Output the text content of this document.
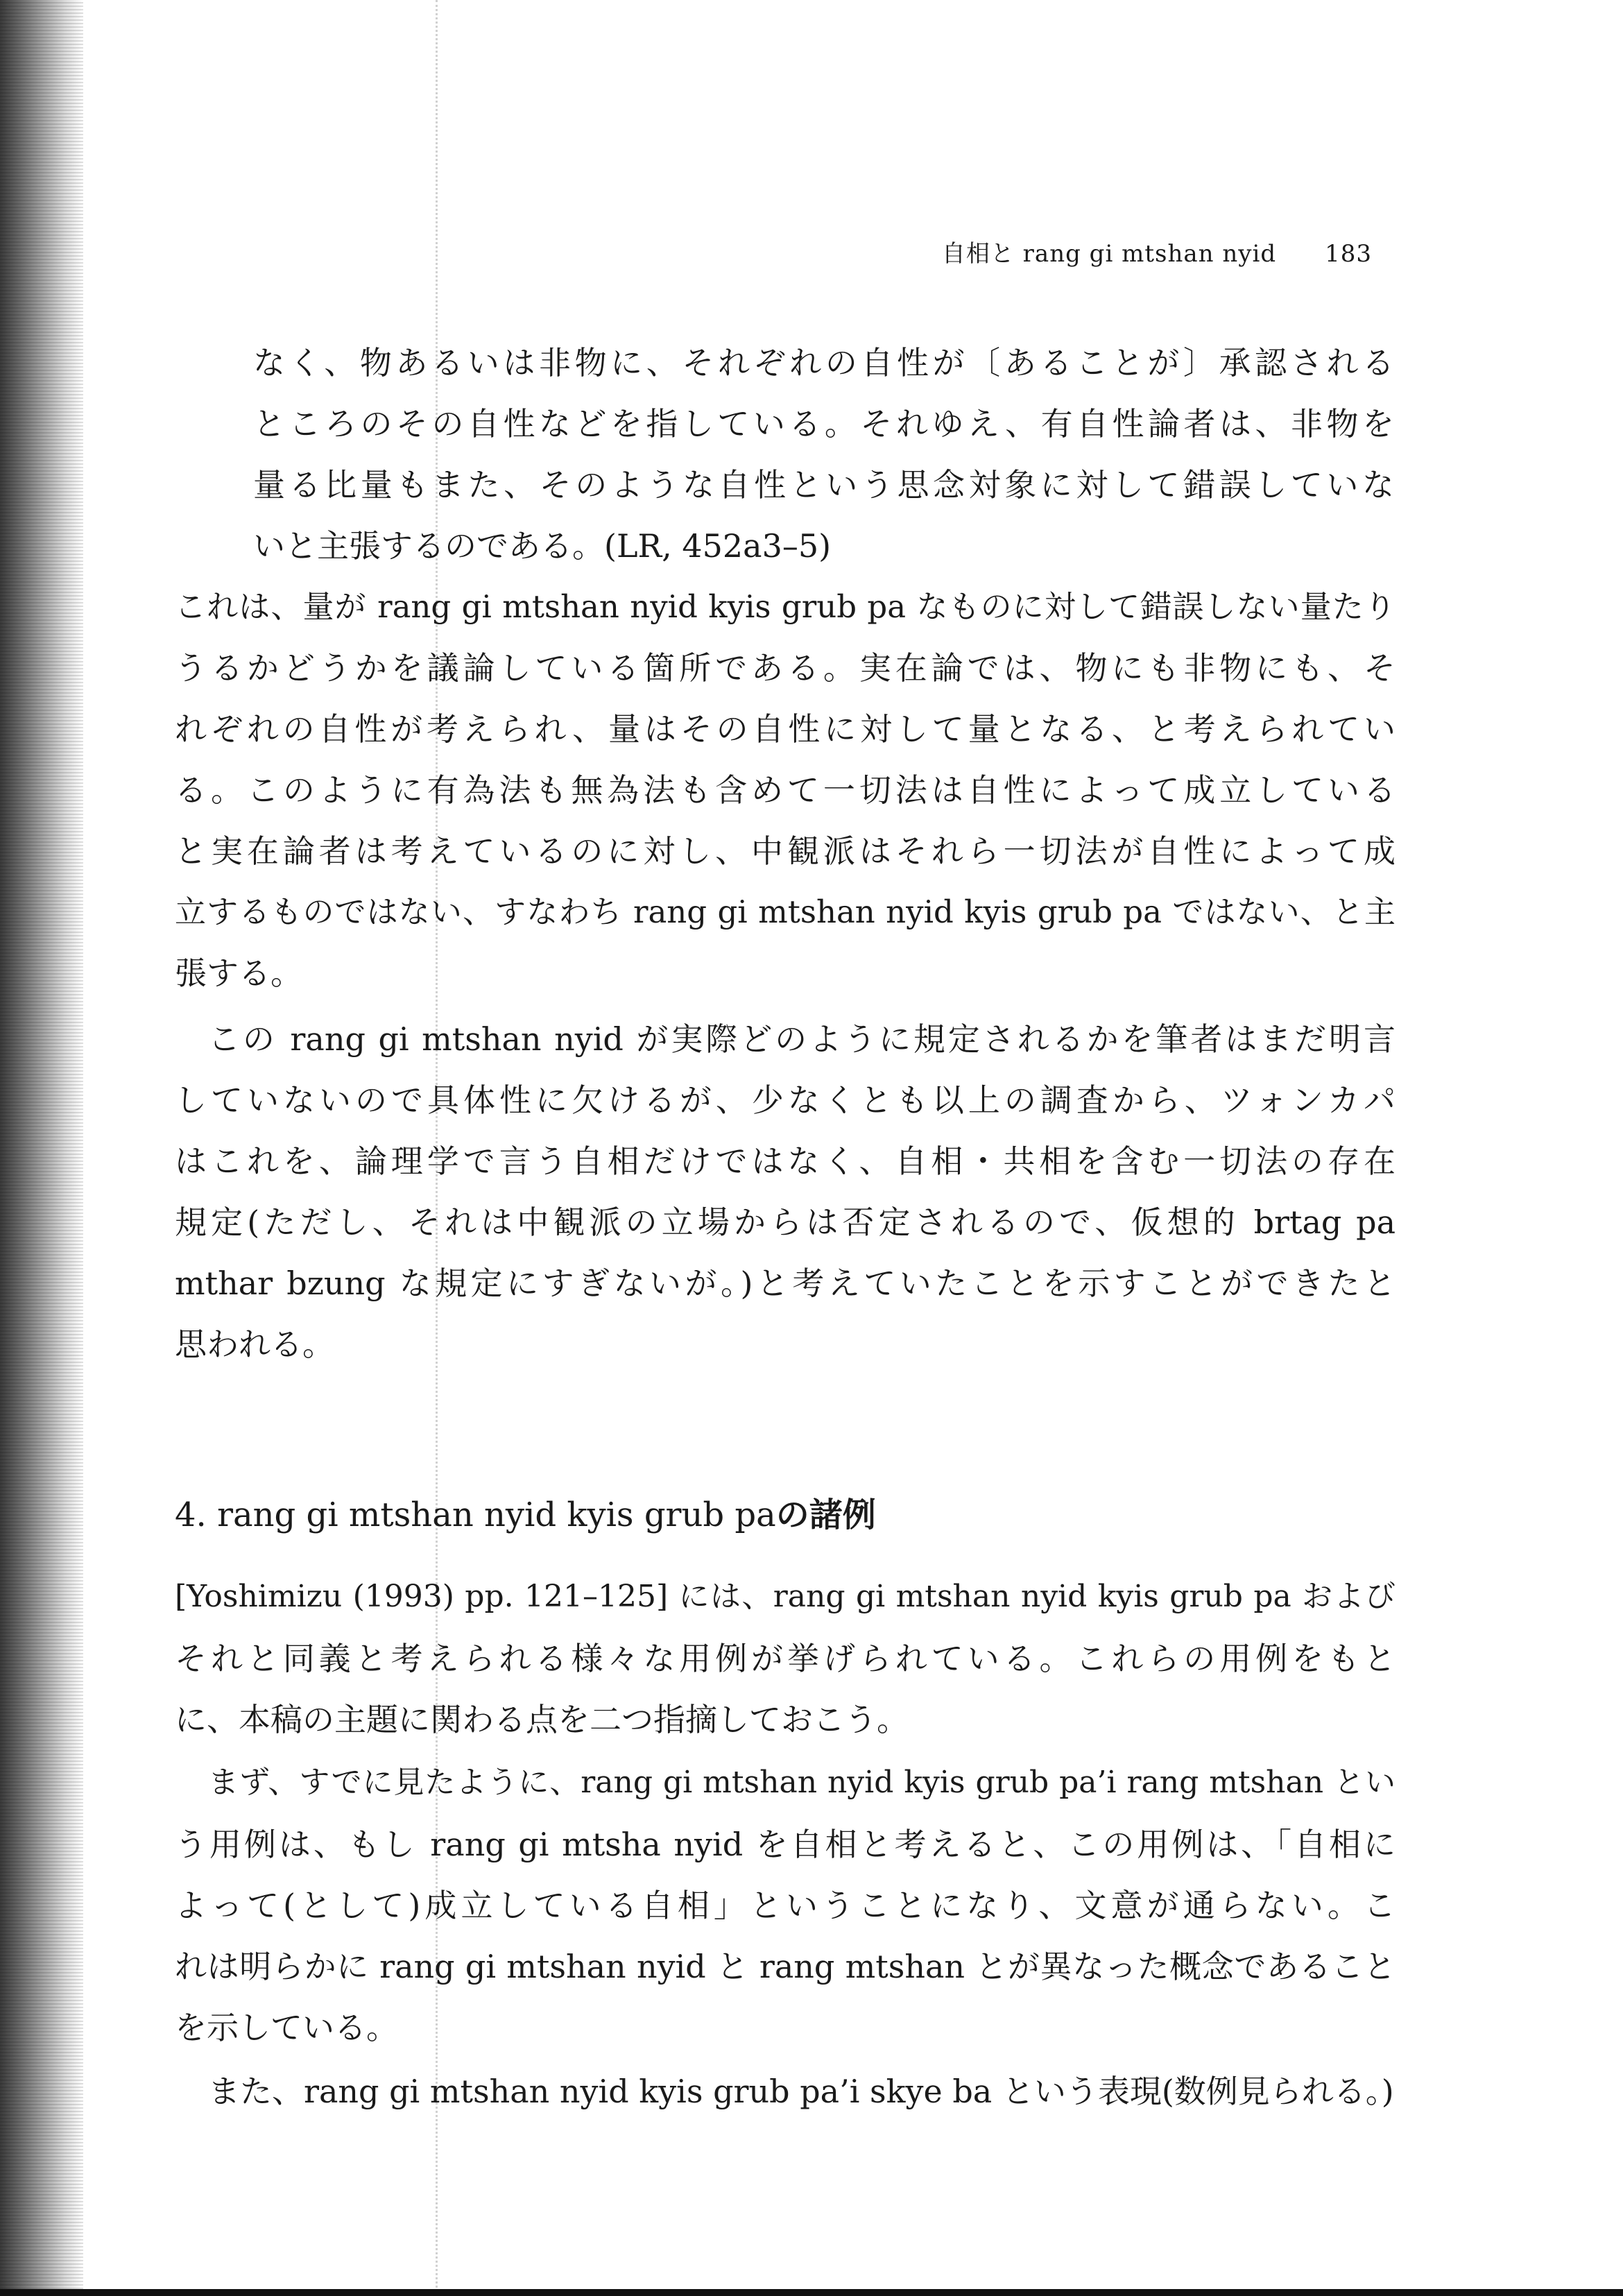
自相と rang gi mtshan nyid 183
なく、物あるいは非物に、それぞれの自性が〔あることが〕承認される
ところのその自性などを指している。それゆえ、有自性論者は、非物を
量る比量もまた、そのような自性という思念対象に対して錯誤していな
いと主張するのである。(LR, 452a3–5)
これは、量が rang gi mtshan nyid kyis grub pa なものに対して錯誤しない量たり
うるかどうかを議論している箇所である。実在論では、物にも非物にも、そ
れぞれの自性が考えられ、量はその自性に対して量となる、と考えられてい
る。このように有為法も無為法も含めて一切法は自性によって成立している
と実在論者は考えているのに対し、中観派はそれら一切法が自性によって成
立するものではない、すなわち rang gi mtshan nyid kyis grub pa ではない、と主
張する。
この rang gi mtshan nyid が実際どのように規定されるかを筆者はまだ明言
していないので具体性に欠けるが、少なくとも以上の調査から、ツォンカパ
はこれを、論理学で言う自相だけではなく、自相・共相を含む一切法の存在
規定(ただし、それは中観派の立場からは否定されるので、仮想的 brtag pa
mthar bzung な規定にすぎないが。)と考えていたことを示すことができたと
思われる。
4. rang gi mtshan nyid kyis grub paの諸例
[Yoshimizu (1993) pp. 121–125] には、rang gi mtshan nyid kyis grub pa および
それと同義と考えられる様々な用例が挙げられている。これらの用例をもと
に、本稿の主題に関わる点を二つ指摘しておこう。
まず、すでに見たように、rang gi mtshan nyid kyis grub pa’i rang mtshan とい
う用例は、もし rang gi mtsha nyid を自相と考えると、この用例は、「自相に
よって(として)成立している自相」ということになり、文意が通らない。こ
れは明らかに rang gi mtshan nyid と rang mtshan とが異なった概念であること
を示している。
また、rang gi mtshan nyid kyis grub pa’i skye ba という表現(数例見られる。)
